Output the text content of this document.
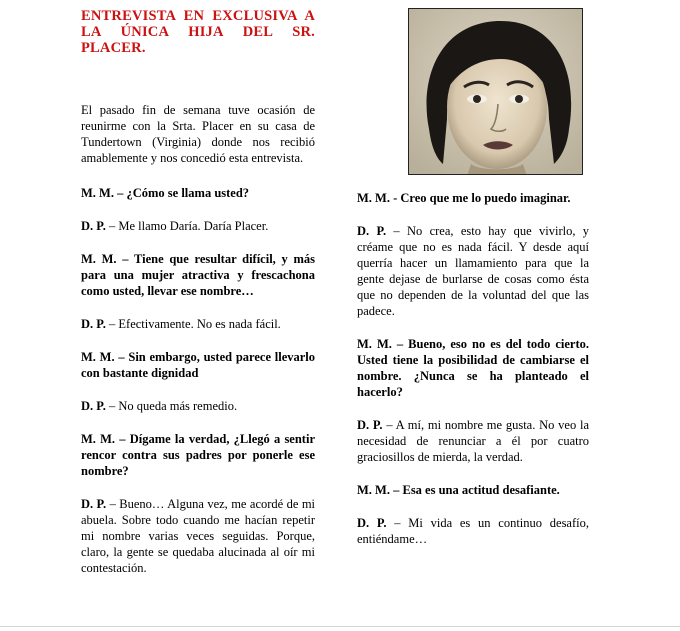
ENTREVISTA EN EXCLUSIVA A LA ÚNICA HIJA DEL SR. PLACER.

El pasado fin de semana tuve ocasión de reunirme con la Srta. Placer en su casa de Tundertown (Virginia) donde nos recibió amablemente y nos concedió esta entrevista.

M. M. – ¿Cómo se llama usted?

D. P. – Me llamo Daría. Daría Placer.

M. M. – Tiene que resultar difícil, y más para una mujer atractiva y frescachona como usted, llevar ese nombre…

D. P. – Efectivamente. No es nada fácil.

M. M. – Sin embargo, usted parece llevarlo con bastante dignidad

D. P. – No queda más remedio.

M. M. – Dígame la verdad, ¿Llegó a sentir rencor contra sus padres por ponerle ese nombre?

D. P. – Bueno… Alguna vez, me acordé de mi abuela. Sobre todo cuando me hacían repetir mi nombre varias veces seguidas. Porque, claro, la gente se quedaba alucinada al oír mi contestación.

M. M. - Creo que me lo puedo imaginar.

D. P. – No crea, esto hay que vivirlo, y créame que no es nada fácil. Y desde aquí querría hacer un llamamiento para que la gente dejase de burlarse de cosas como ésta que no dependen de la voluntad del que las padece.

M. M. – Bueno, eso no es del todo cierto. Usted tiene la posibilidad de cambiarse el nombre. ¿Nunca se ha planteado el hacerlo?

D. P. – A mí, mi nombre me gusta. No veo la necesidad de renunciar a él por cuatro graciosillos de mierda, la verdad.

M. M. – Esa es una actitud desafiante.

D. P. – Mi vida es un continuo desafío, entiéndame…
